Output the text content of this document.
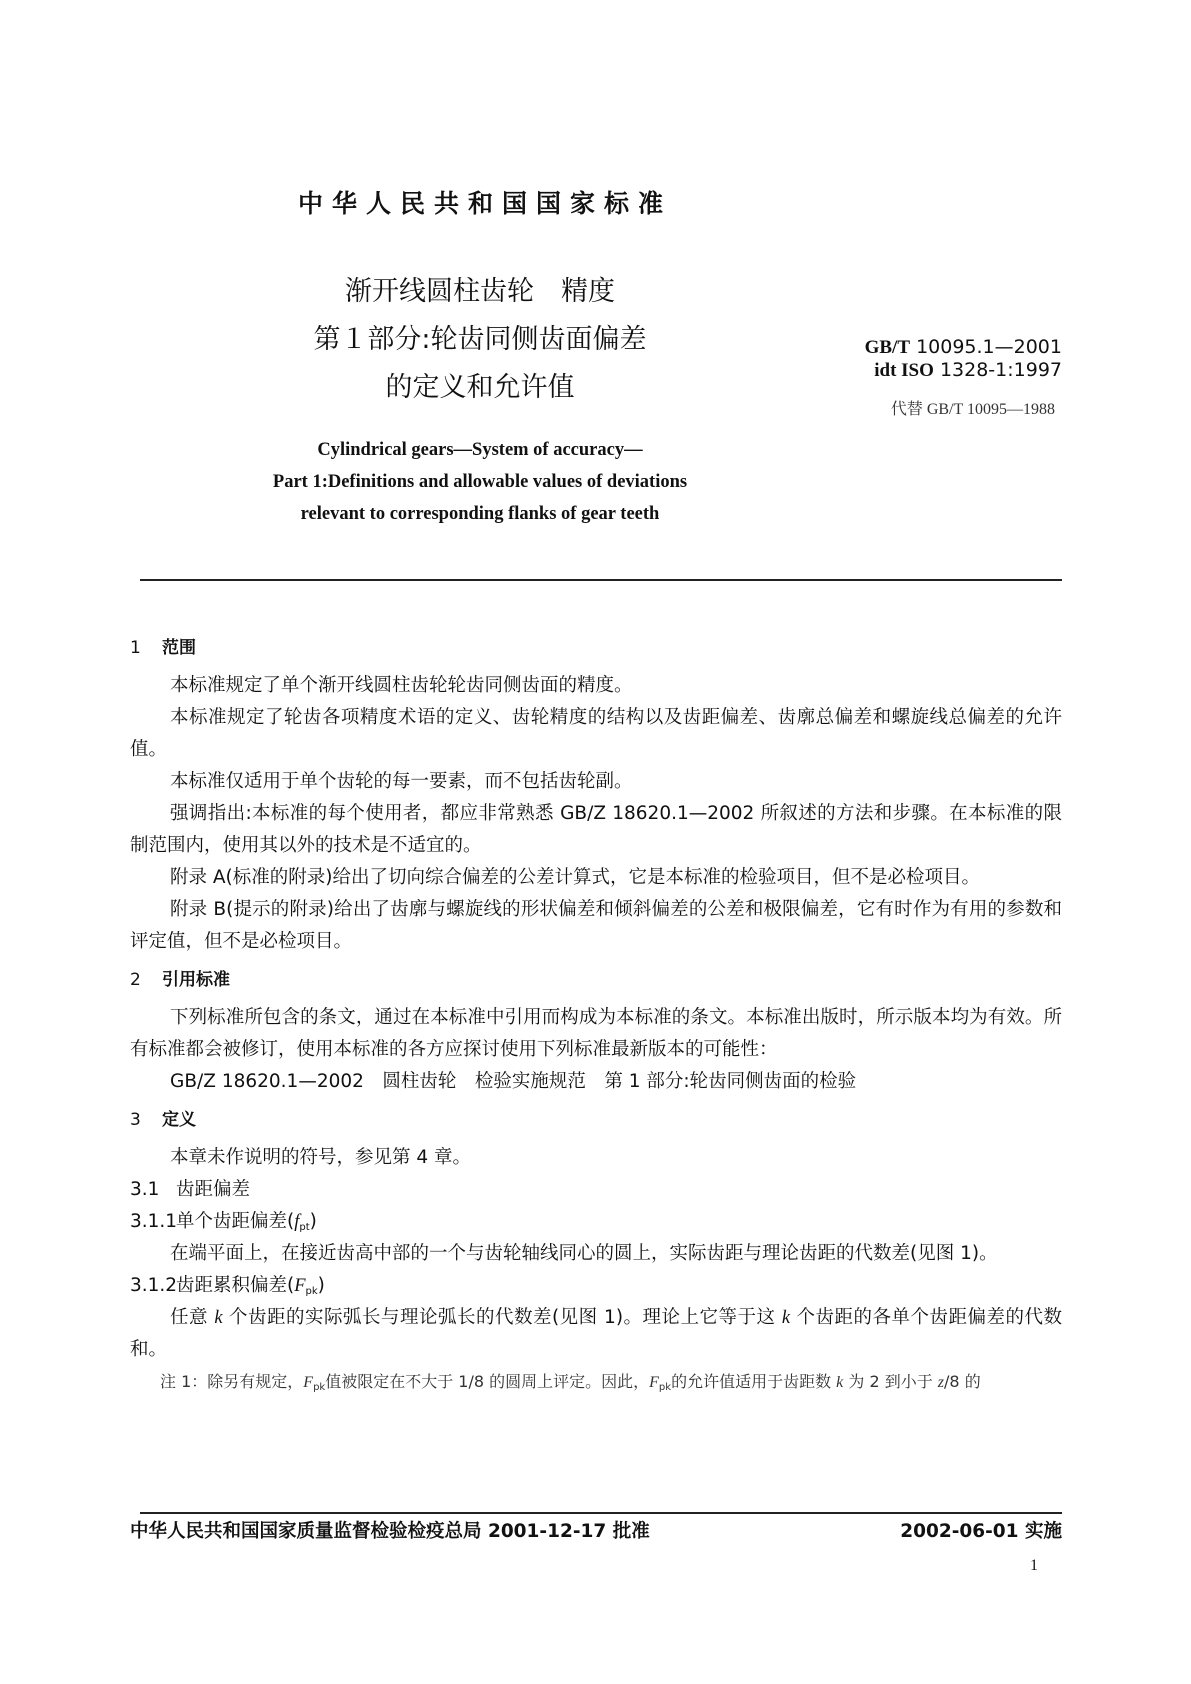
中华人民共和国国家标准
渐开线圆柱齿轮　精度
第１部分:轮齿同侧齿面偏差
的定义和允许值
GB/T 10095.1—2001
idt ISO 1328-1:1997
代替 GB/T 10095—1988
Cylindrical gears—System of accuracy—
Part 1:Definitions and allowable values of deviations
relevant to corresponding flanks of gear teeth
1 范围

本标准规定了单个渐开线圆柱齿轮轮齿同侧齿面的精度。

本标准规定了轮齿各项精度术语的定义、齿轮精度的结构以及齿距偏差、齿廓总偏差和螺旋线总偏差的允许值。

本标准仅适用于单个齿轮的每一要素，而不包括齿轮副。

强调指出:本标准的每个使用者，都应非常熟悉 GB/Z 18620.1—2002 所叙述的方法和步骤。在本标准的限制范围内，使用其以外的技术是不适宜的。

附录 A(标准的附录)给出了切向综合偏差的公差计算式，它是本标准的检验项目，但不是必检项目。

附录 B(提示的附录)给出了齿廓与螺旋线的形状偏差和倾斜偏差的公差和极限偏差，它有时作为有用的参数和评定值，但不是必检项目。

2 引用标准

下列标准所包含的条文，通过在本标准中引用而构成为本标准的条文。本标准出版时，所示版本均为有效。所有标准都会被修订，使用本标准的各方应探讨使用下列标准最新版本的可能性：

GB/Z 18620.1—2002　圆柱齿轮　检验实施规范　第 1 部分:轮齿同侧齿面的检验

3 定义

本章未作说明的符号，参见第 4 章。

3.1 齿距偏差

3.1.1单个齿距偏差$(f_{pt})$

在端平面上，在接近齿高中部的一个与齿轮轴线同心的圆上，实际齿距与理论齿距的代数差(见图 1)。

3.1.2齿距累积偏差$(F_{pk})$

任意 k 个齿距的实际弧长与理论弧长的代数差(见图 1)。理论上它等于这 k 个齿距的各单个齿距偏差的代数和。

注 1：除另有规定，$F_{pk}$值被限定在不大于 1/8 的圆周上评定。因此，$F_{pk}$的允许值适用于齿距数 k 为 2 到小于 z/8 的

中华人民共和国国家质量监督检验检疫总局 2001-12-17 批准	2002-06-01 实施
1
